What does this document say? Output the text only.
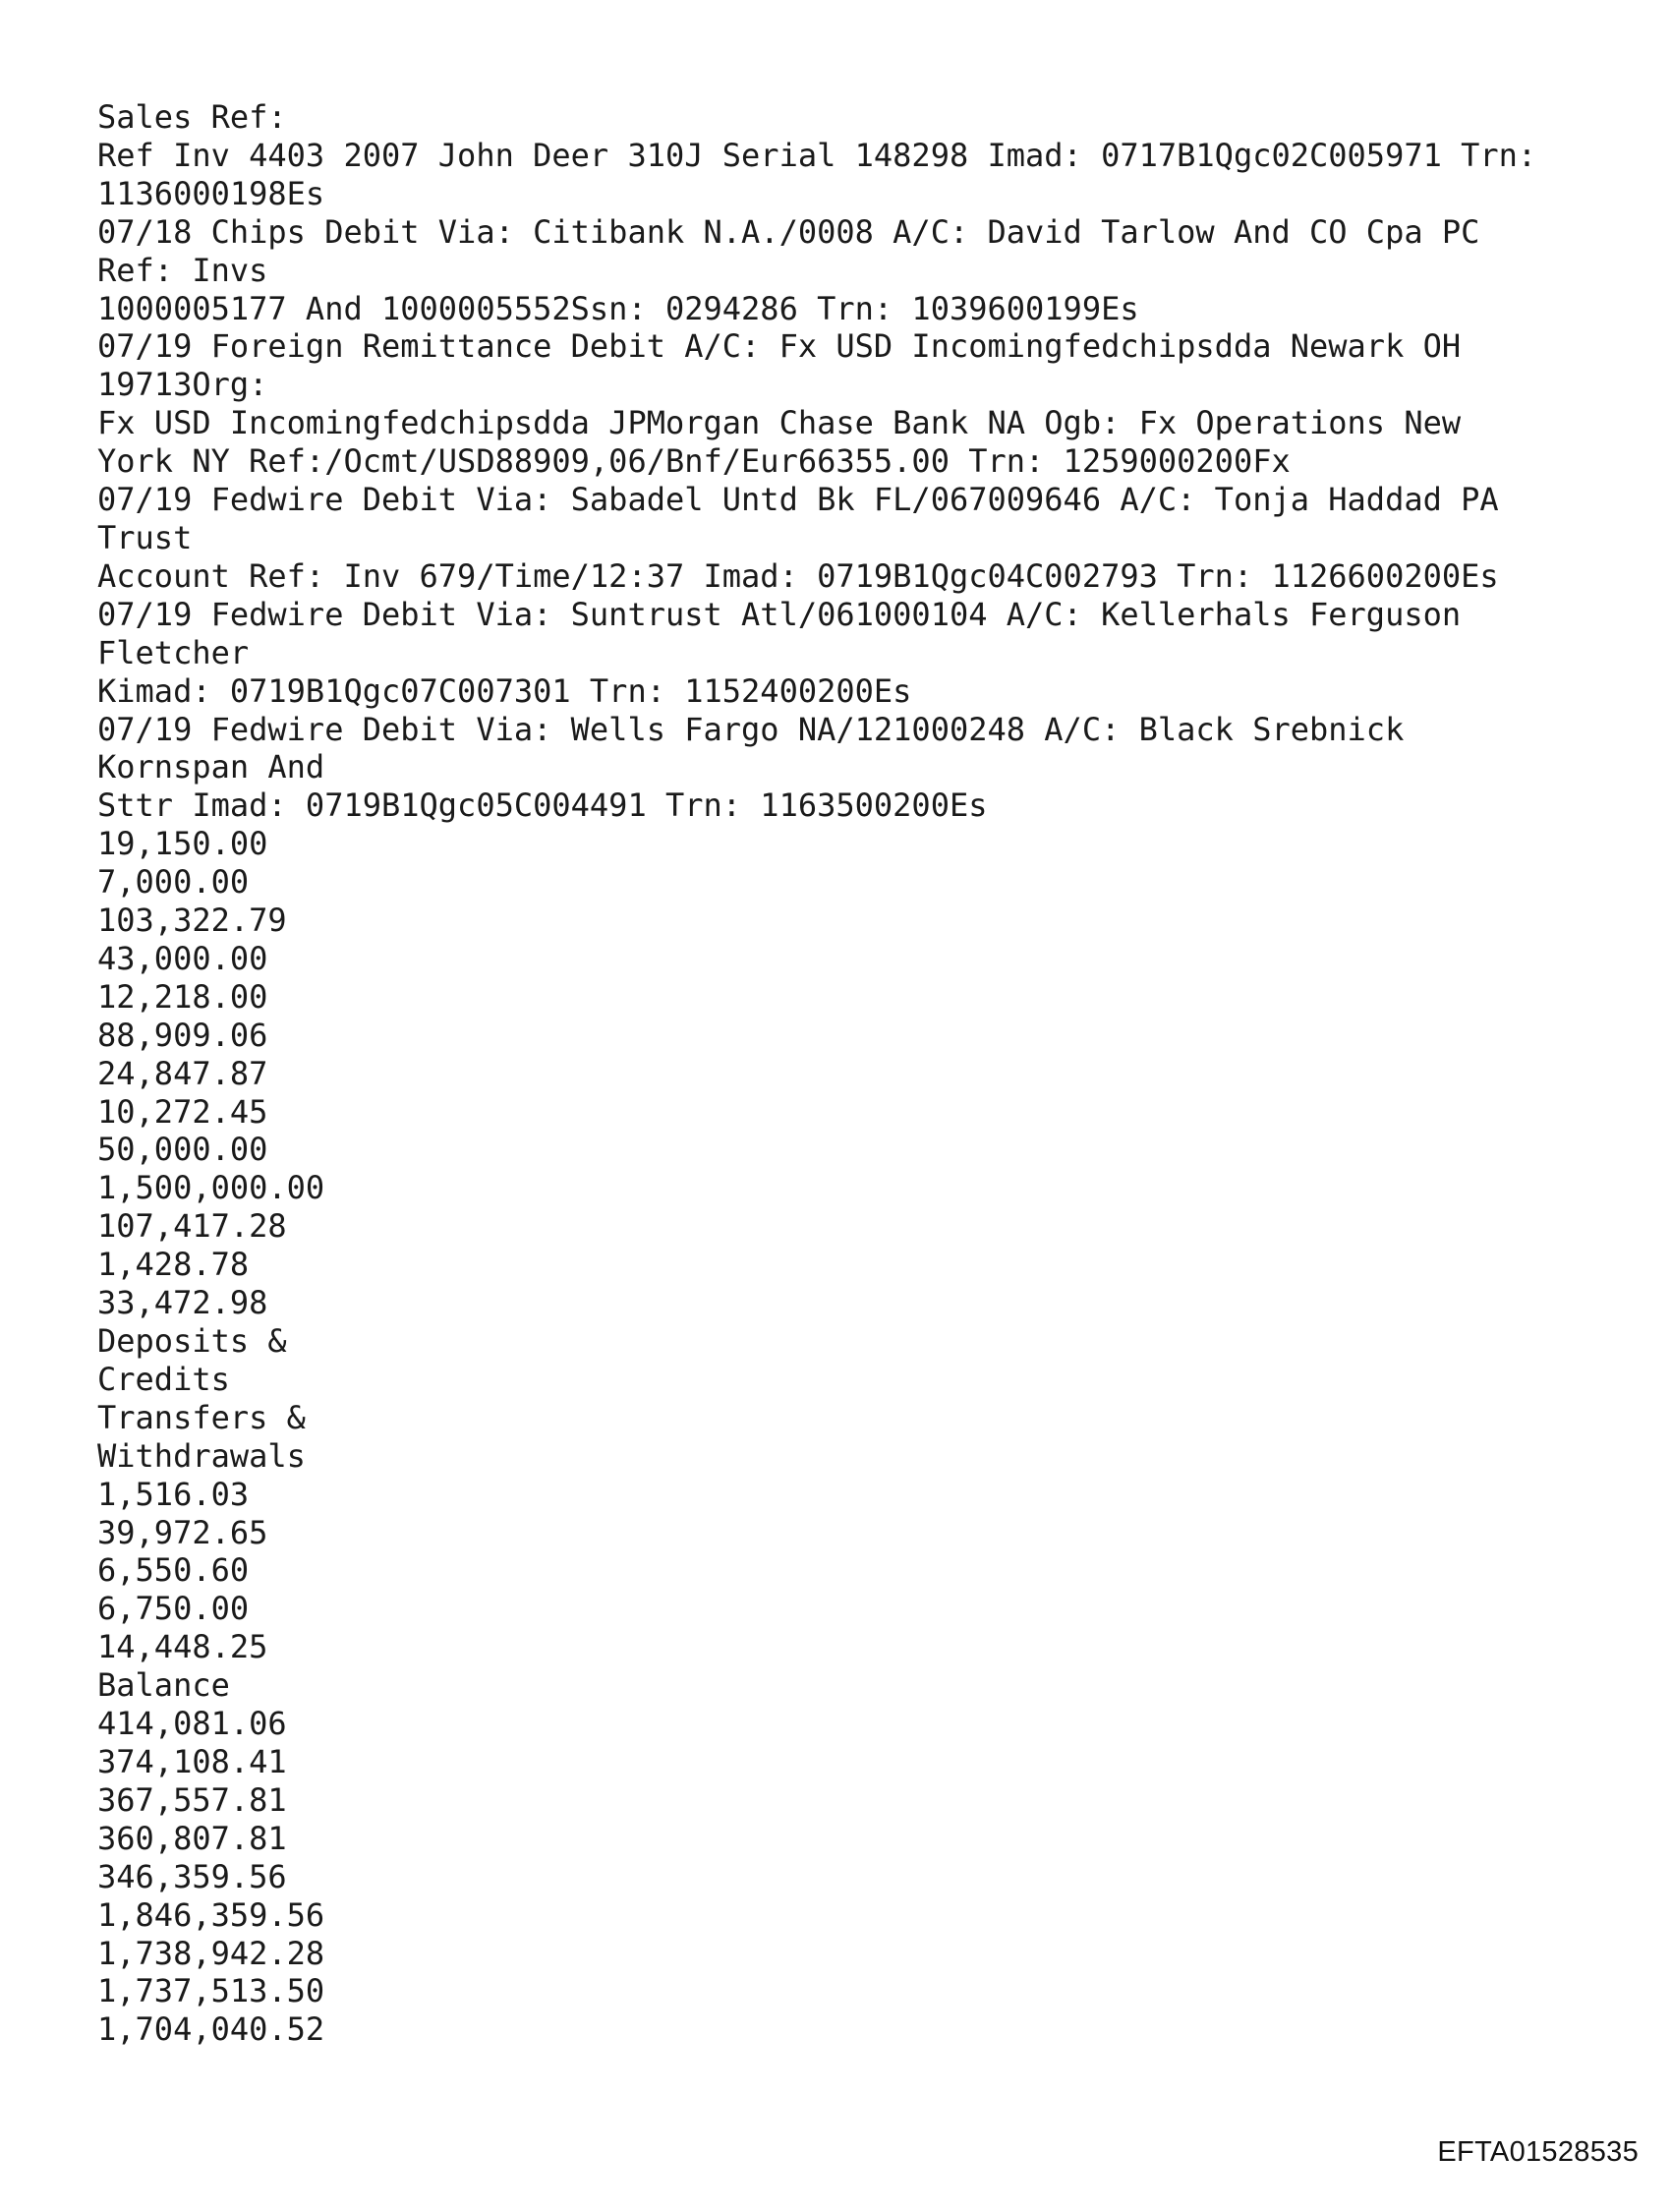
Sales Ref:
Ref Inv 4403 2007 John Deer 310J Serial 148298 Imad: 0717B1Qgc02C005971 Trn:
1136000198Es
07/18 Chips Debit Via: Citibank N.A./0008 A/C: David Tarlow And CO Cpa PC
Ref: Invs
1000005177 And 1000005552Ssn: 0294286 Trn: 1039600199Es
07/19 Foreign Remittance Debit A/C: Fx USD Incomingfedchipsdda Newark OH
19713Org:
Fx USD Incomingfedchipsdda JPMorgan Chase Bank NA Ogb: Fx Operations New
York NY Ref:/Ocmt/USD88909,06/Bnf/Eur66355.00 Trn: 1259000200Fx
07/19 Fedwire Debit Via: Sabadel Untd Bk FL/067009646 A/C: Tonja Haddad PA
Trust
Account Ref: Inv 679/Time/12:37 Imad: 0719B1Qgc04C002793 Trn: 1126600200Es
07/19 Fedwire Debit Via: Suntrust Atl/061000104 A/C: Kellerhals Ferguson
Fletcher
Kimad: 0719B1Qgc07C007301 Trn: 1152400200Es
07/19 Fedwire Debit Via: Wells Fargo NA/121000248 A/C: Black Srebnick
Kornspan And
Sttr Imad: 0719B1Qgc05C004491 Trn: 1163500200Es
19,150.00
7,000.00
103,322.79
43,000.00
12,218.00
88,909.06
24,847.87
10,272.45
50,000.00
1,500,000.00
107,417.28
1,428.78
33,472.98
Deposits &
Credits
Transfers &
Withdrawals
1,516.03
39,972.65
6,550.60
6,750.00
14,448.25
Balance
414,081.06
374,108.41
367,557.81
360,807.81
346,359.56
1,846,359.56
1,738,942.28
1,737,513.50
1,704,040.52
EFTA01528535
